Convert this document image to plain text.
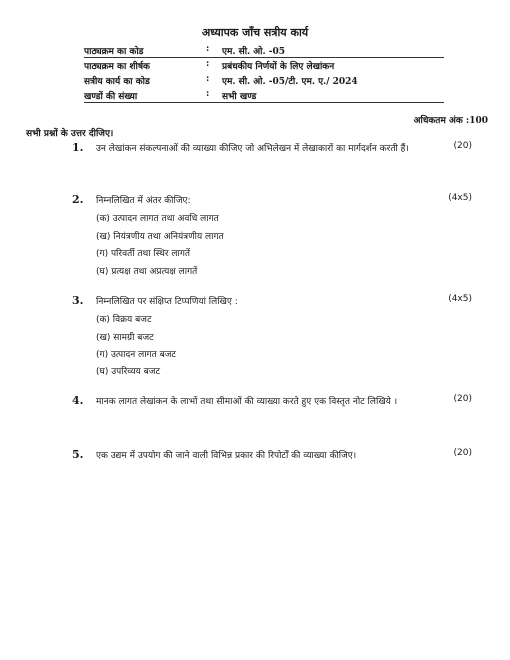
अध्यापक जाँच सत्रीय कार्य
पाठ्यक्रम का कोड	: एम. सी. ओ. -05
पाठ्यक्रम का शीर्षक	: प्रबंधकीय निर्णयों के लिए लेखांकन
सत्रीय कार्य का कोड	: एम. सी. ओ. -05/टी. एम. ए./ 2024
खण्डों की संख्या	: सभी खण्ड
अधिकतम अंक :100
सभी प्रश्नों के उत्तर दीजिए।
1. उन लेखांकन संकल्पनाओं की व्याख्या कीजिए जो अभिलेखन में लेखाकारों का मार्गदर्शन करती हैं।	(20)
2. निम्नलिखित में अंतर कीजिए:	(4x5)
(क) उत्पादन लागत तथा अवधि लागत
(ख) नियंत्रणीय तथा अनियंत्रणीय लागत
(ग) परिवर्ती तथा स्थिर लागतें
(घ) प्रत्यक्ष तथा अप्रत्यक्ष लागतें
3. निम्नलिखित पर संक्षिप्त टिप्पणियां लिखिए :	(4x5)
(क) विक्रय बजट
(ख) सामग्री बजट
(ग) उत्पादन लागत बजट
(घ) उपरिव्यय बजट
4. मानक लागत लेखांकन के लाभों तथा सीमाओं की व्याख्या करते हुए एक विस्तृत नोट लिखिये ।	(20)
5. एक उद्यम में उपयोग की जाने वाली विभिन्न प्रकार की रिपोर्टों की व्याख्या कीजिए।	(20)
